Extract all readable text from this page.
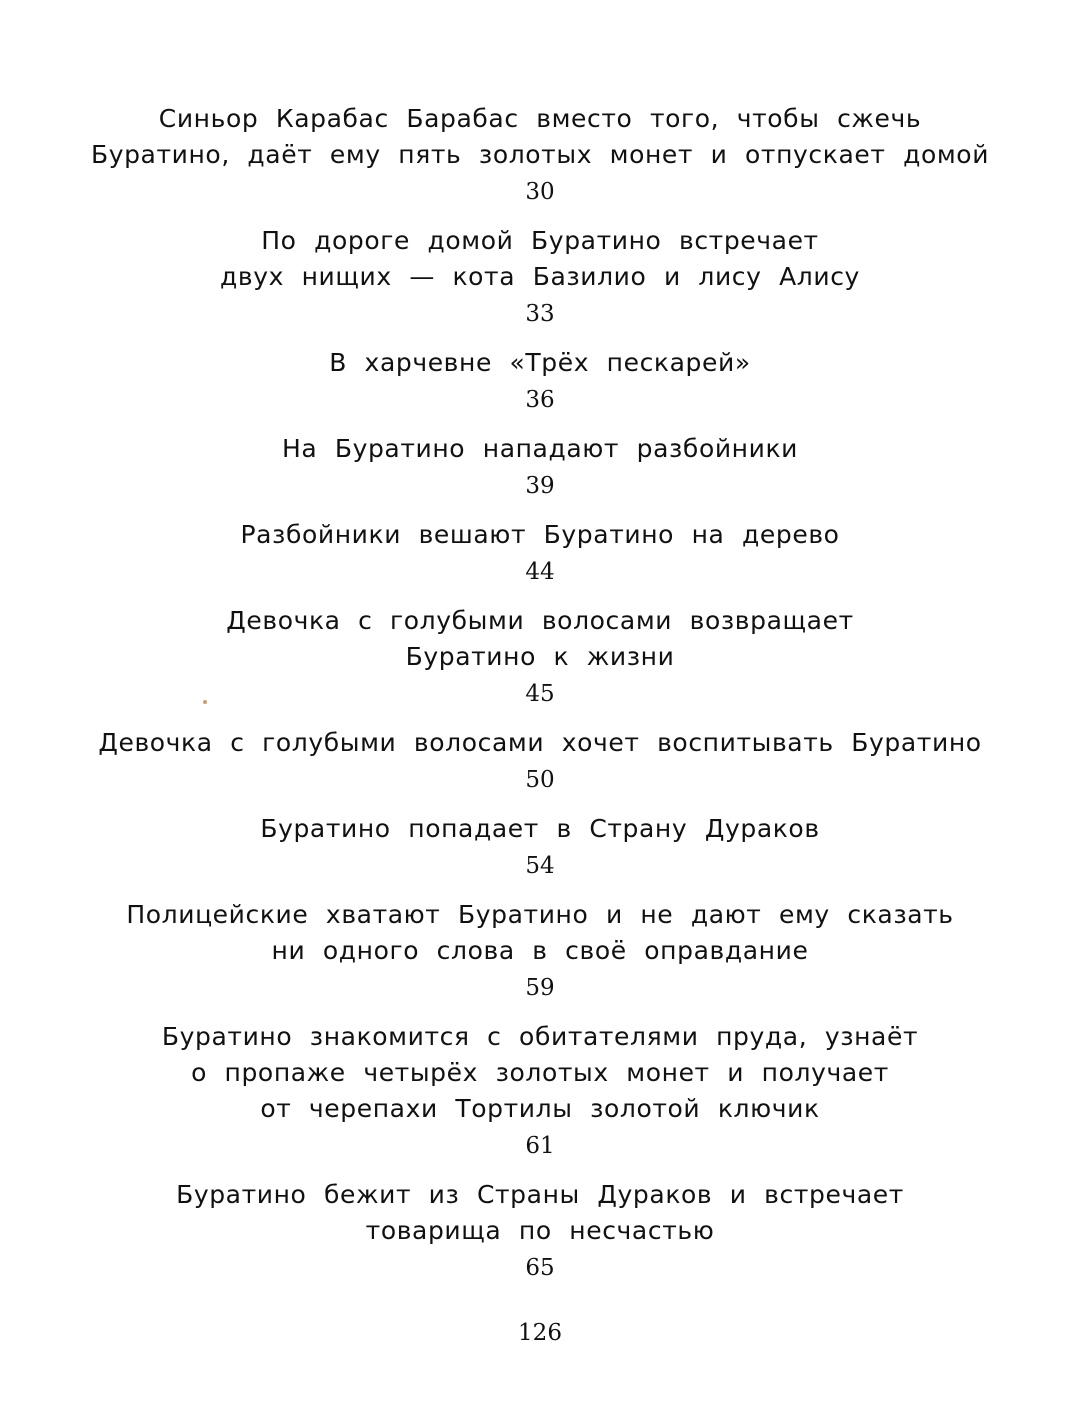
Синьор Карабас Барабас вместо того, чтобы сжечь
Буратино, даёт ему пять золотых монет и отпускает домой
30
По дороге домой Буратино встречает
двух нищих — кота Базилио и лису Алису
33
В харчевне «Трёх пескарей»
36
На Буратино нападают разбойники
39
Разбойники вешают Буратино на дерево
44
Девочка с голубыми волосами возвращает
Буратино к жизни
45
Девочка с голубыми волосами хочет воспитывать Буратино
50
Буратино попадает в Страну Дураков
54
Полицейские хватают Буратино и не дают ему сказать
ни одного слова в своё оправдание
59
Буратино знакомится с обитателями пруда, узнаёт
о пропаже четырёх золотых монет и получает
от черепахи Тортилы золотой ключик
61
Буратино бежит из Страны Дураков и встречает
товарища по несчастью
65
126
